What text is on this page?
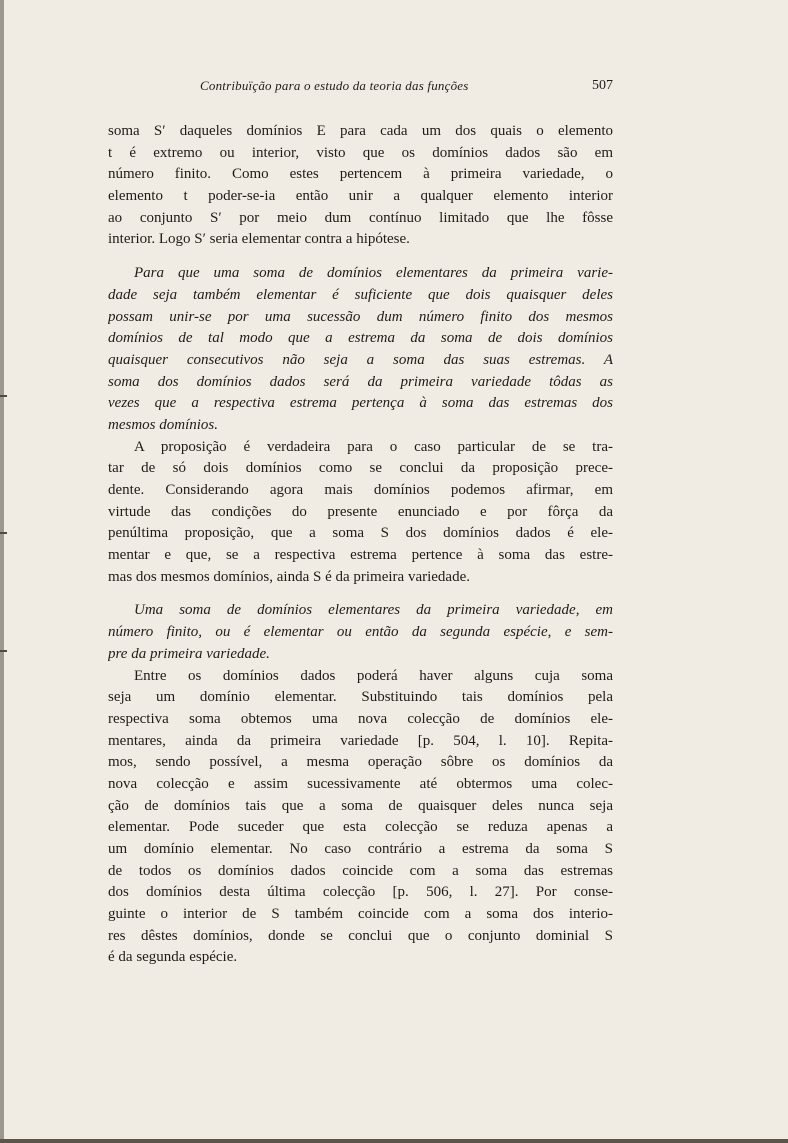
Contribuïção para o estudo da teoria das funções	507
soma S′ daqueles domínios E para cada um dos quais o elemento
t é extremo ou interior, visto que os domínios dados são em
número finito. Como estes pertencem à primeira variedade, o
elemento t poder-se-ia então unir a qualquer elemento interior
ao conjunto S′ por meio dum contínuo limitado que lhe fôsse
interior. Logo S′ seria elementar contra a hipótese.
Para que uma soma de domínios elementares da primeira varie-
dade seja também elementar é suficiente que dois quaisquer deles
possam unir-se por uma sucessão dum número finito dos mesmos
domínios de tal modo que a estrema da soma de dois domínios
quaisquer consecutivos não seja a soma das suas estremas. A
soma dos domínios dados será da primeira variedade tôdas as
vezes que a respectiva estrema pertença à soma das estremas dos
mesmos domínios.
A proposição é verdadeira para o caso particular de se tra-
tar de só dois domínios como se conclui da proposição prece-
dente. Considerando agora mais domínios podemos afirmar, em
virtude das condições do presente enunciado e por fôrça da
penúltima proposição, que a soma S dos domínios dados é ele-
mentar e que, se a respectiva estrema pertence à soma das estre-
mas dos mesmos domínios, ainda S é da primeira variedade.
Uma soma de domínios elementares da primeira variedade, em
número finito, ou é elementar ou então da segunda espécie, e sem-
pre da primeira variedade.
Entre os domínios dados poderá haver alguns cuja soma
seja um domínio elementar. Substituindo tais domínios pela
respectiva soma obtemos uma nova colecção de domínios ele-
mentares, ainda da primeira variedade [p. 504, l. 10]. Repita-
mos, sendo possível, a mesma operação sôbre os domínios da
nova colecção e assim sucessivamente até obtermos uma colec-
ção de domínios tais que a soma de quaisquer deles nunca seja
elementar. Pode suceder que esta colecção se reduza apenas a
um domínio elementar. No caso contrário a estrema da soma S
de todos os domínios dados coincide com a soma das estremas
dos domínios desta última colecção [p. 506, l. 27]. Por conse-
guinte o interior de S também coincide com a soma dos interio-
res dêstes domínios, donde se conclui que o conjunto dominial S
é da segunda espécie.
